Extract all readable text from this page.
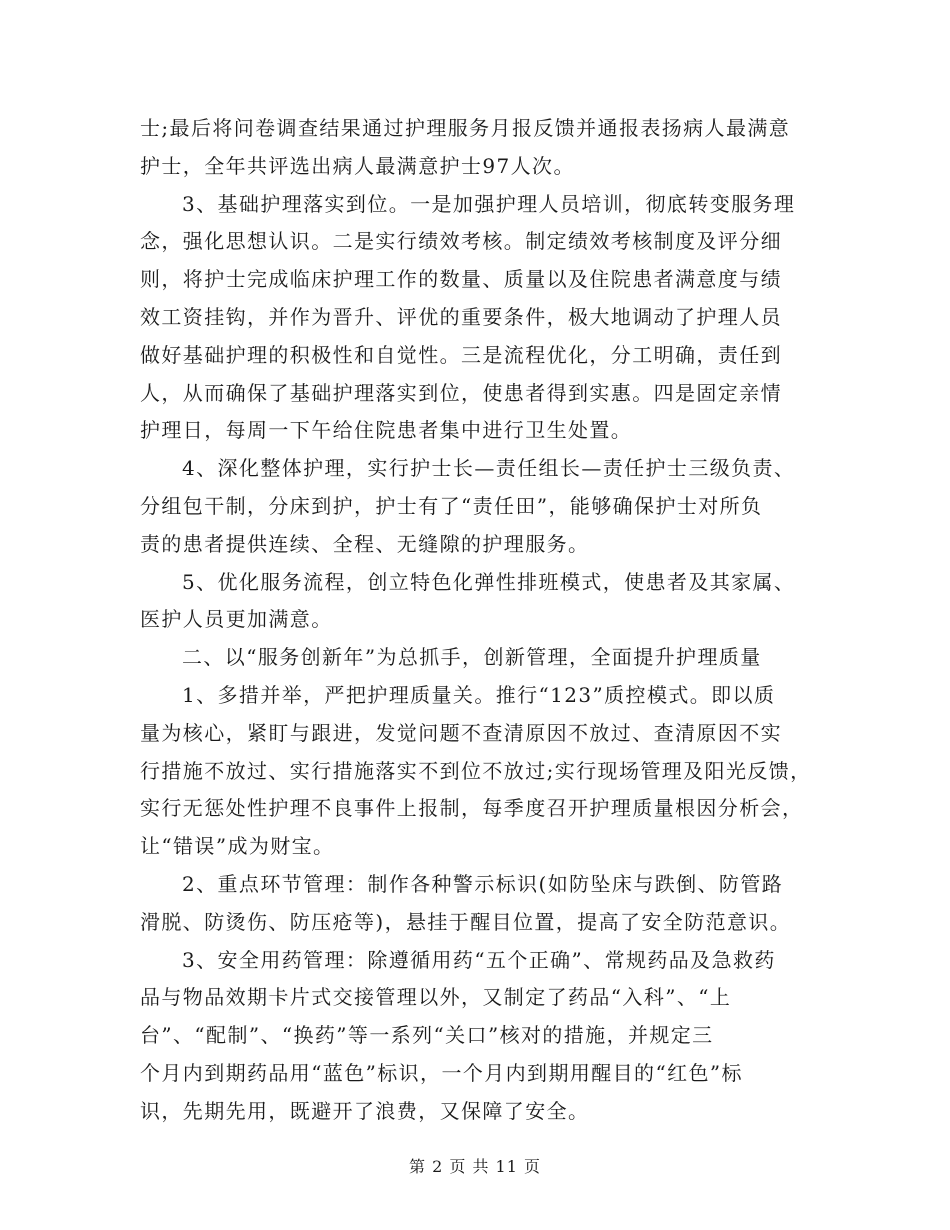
士;最后将问卷调查结果通过护理服务月报反馈并通报表扬病人最满意
护士，全年共评选出病人最满意护士97人次。

3、基础护理落实到位。一是加强护理人员培训，彻底转变服务理
念，强化思想认识。二是实行绩效考核。制定绩效考核制度及评分细
则，将护士完成临床护理工作的数量、质量以及住院患者满意度与绩
效工资挂钩，并作为晋升、评优的重要条件，极大地调动了护理人员
做好基础护理的积极性和自觉性。三是流程优化，分工明确，责任到
人，从而确保了基础护理落实到位，使患者得到实惠。四是固定亲情
护理日，每周一下午给住院患者集中进行卫生处置。

4、深化整体护理，实行护士长—责任组长—责任护士三级负责、
分组包干制，分床到护，护士有了“责任田”，能够确保护士对所负
责的患者提供连续、全程、无缝隙的护理服务。

5、优化服务流程，创立特色化弹性排班模式，使患者及其家属、
医护人员更加满意。

二、以“服务创新年”为总抓手，创新管理，全面提升护理质量

1、多措并举，严把护理质量关。推行“123”质控模式。即以质
量为核心，紧盯与跟进，发觉问题不查清原因不放过、查清原因不实
行措施不放过、实行措施落实不到位不放过;实行现场管理及阳光反馈，
实行无惩处性护理不良事件上报制，每季度召开护理质量根因分析会，
让“错误”成为财宝。

2、重点环节管理：制作各种警示标识(如防坠床与跌倒、防管路
滑脱、防烫伤、防压疮等)，悬挂于醒目位置，提高了安全防范意识。

3、安全用药管理：除遵循用药“五个正确”、常规药品及急救药
品与物品效期卡片式交接管理以外，又制定了药品“入科”、“上
台”、“配制”、“换药”等一系列“关口”核对的措施，并规定三
个月内到期药品用“蓝色”标识，一个月内到期用醒目的“红色”标
识，先期先用，既避开了浪费，又保障了安全。

第 2 页 共 11 页
